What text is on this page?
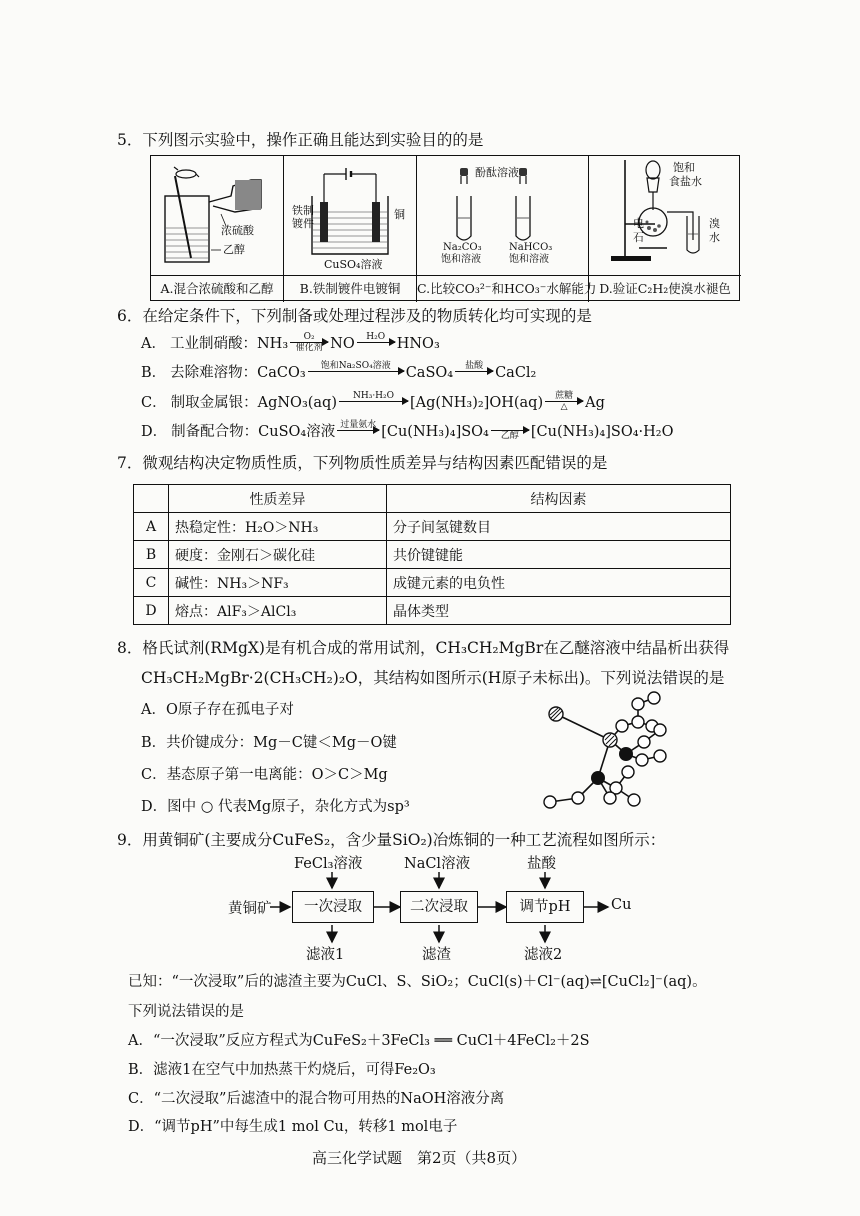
5．下列图示实验中，操作正确且能达到实验目的的是
浓硫酸
乙醇
A.混合浓硫酸和乙醇
铁制
镀件
铜
CuSO₄溶液
B.铁制镀件电镀铜
酚酞溶液
Na₂CO₃
饱和溶液
NaHCO₃
饱和溶液
C.比较CO₃²⁻和HCO₃⁻水解能力
饱和
食盐水
电
石
溴
水
D.验证C₂H₂使溴水褪色
6．在给定条件下，下列制备或处理过程涉及的物质转化均可实现的是
A． 工业制硝酸： NH₃ O₂
催化剂 NO H₂O
HNO₃
B． 去除难溶物： CaCO₃ 饱和Na₂SO₄溶液
CaSO₄ 盐酸
CaCl₂
C． 制取金属银： AgNO₃(aq) NH₃·H₂O
[Ag(NH₃)₂]OH(aq) 蔗糖
△ Ag
D． 制备配合物： CuSO₄溶液 过量氨水
[Cu(NH₃)₄]SO₄
乙醇 [Cu(NH₃)₄]SO₄·H₂O
7．微观结构决定物质性质，下列物质性质差异与结构因素匹配错误的是
	性质差异	结构因素
A	热稳定性：H₂O＞NH₃	分子间氢键数目
B	硬度：金刚石＞碳化硅	共价键键能
C	碱性：NH₃＞NF₃	成键元素的电负性
D	熔点：AlF₃＞AlCl₃	晶体类型
8．格氏试剂(RMgX)是有机合成的常用试剂，CH₃CH₂MgBr在乙醚溶液中结晶析出获得
CH₃CH₂MgBr·2(CH₃CH₂)₂O，其结构如图所示(H原子未标出)。下列说法错误的是
A．O原子存在孤电子对
B．共价键成分：Mg－C键＜Mg－O键
C．基态原子第一电离能：O＞C＞Mg
D．图中 ○ 代表Mg原子，杂化方式为sp³
9．用黄铜矿(主要成分CuFeS₂，含少量SiO₂)冶炼铜的一种工艺流程如图所示：
黄铜矿	一次浸取	二次浸取	调节pH
FeCl₃溶液	NaCl溶液	盐酸
滤液1	滤渣	滤液2
Cu
已知：“一次浸取”后的滤渣主要为CuCl、S、SiO₂；CuCl(s)＋Cl⁻(aq)⇌[CuCl₂]⁻(aq)。
下列说法错误的是
A．“一次浸取”反应方程式为CuFeS₂＋3FeCl₃ ══ CuCl＋4FeCl₂＋2S
B．滤液1在空气中加热蒸干灼烧后，可得Fe₂O₃
C．“二次浸取”后滤渣中的混合物可用热的NaOH溶液分离
D．“调节pH”中每生成1 mol Cu，转移1 mol电子
高三化学试题　第2页（共8页）
